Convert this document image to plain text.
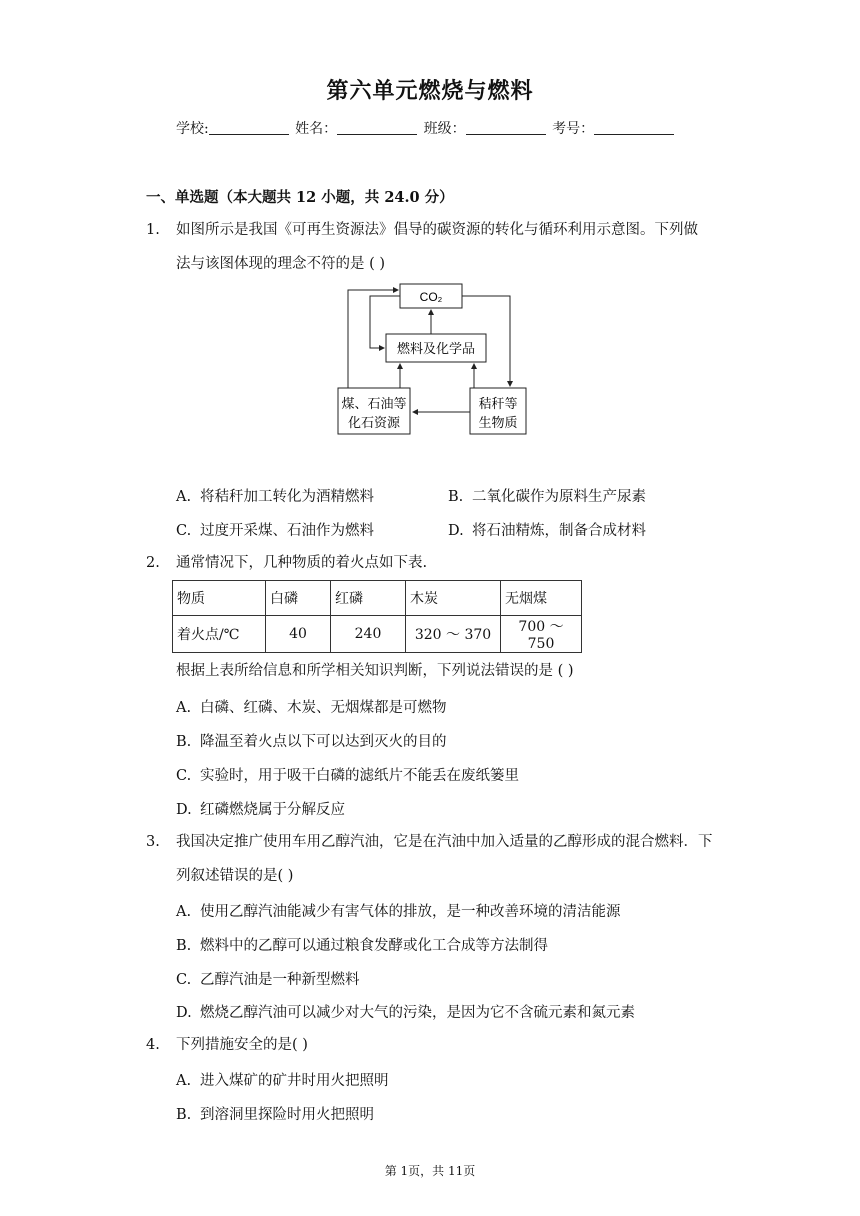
第六单元燃烧与燃料
学校:	姓名：	班级：	考号：
一、单选题（本大题共 12 小题，共 24.0 分）
1. 如图所示是我国《可再生资源法》倡导的碳资源的转化与循环利用示意图。下列做
法与该图体现的理念不符的是 ( )
CO₂
燃料及化学品
煤、石油等
化石资源
秸秆等
生物质
A. 将秸秆加工转化为酒精燃料	B. 二氧化碳作为原料生产尿素
C. 过度开采煤、石油作为燃料	D. 将石油精炼，制备合成材料
2. 通常情况下，几种物质的着火点如下表.
物质	白磷	红磷	木炭	无烟煤
着火点/℃	40	240	320 ～ 370	700 ～ 750
根据上表所给信息和所学相关知识判断，下列说法错误的是 ( )
A. 白磷、红磷、木炭、无烟煤都是可燃物
B. 降温至着火点以下可以达到灭火的目的
C. 实验时，用于吸干白磷的滤纸片不能丢在废纸篓里
D. 红磷燃烧属于分解反应
3. 我国决定推广使用车用乙醇汽油，它是在汽油中加入适量的乙醇形成的混合燃料．下
列叙述错误的是( )
A. 使用乙醇汽油能减少有害气体的排放，是一种改善环境的清洁能源
B. 燃料中的乙醇可以通过粮食发酵或化工合成等方法制得
C. 乙醇汽油是一种新型燃料
D. 燃烧乙醇汽油可以减少对大气的污染，是因为它不含硫元素和氮元素
4. 下列措施安全的是( )
A. 进入煤矿的矿井时用火把照明
B. 到溶洞里探险时用火把照明
第 1页，共 11页
